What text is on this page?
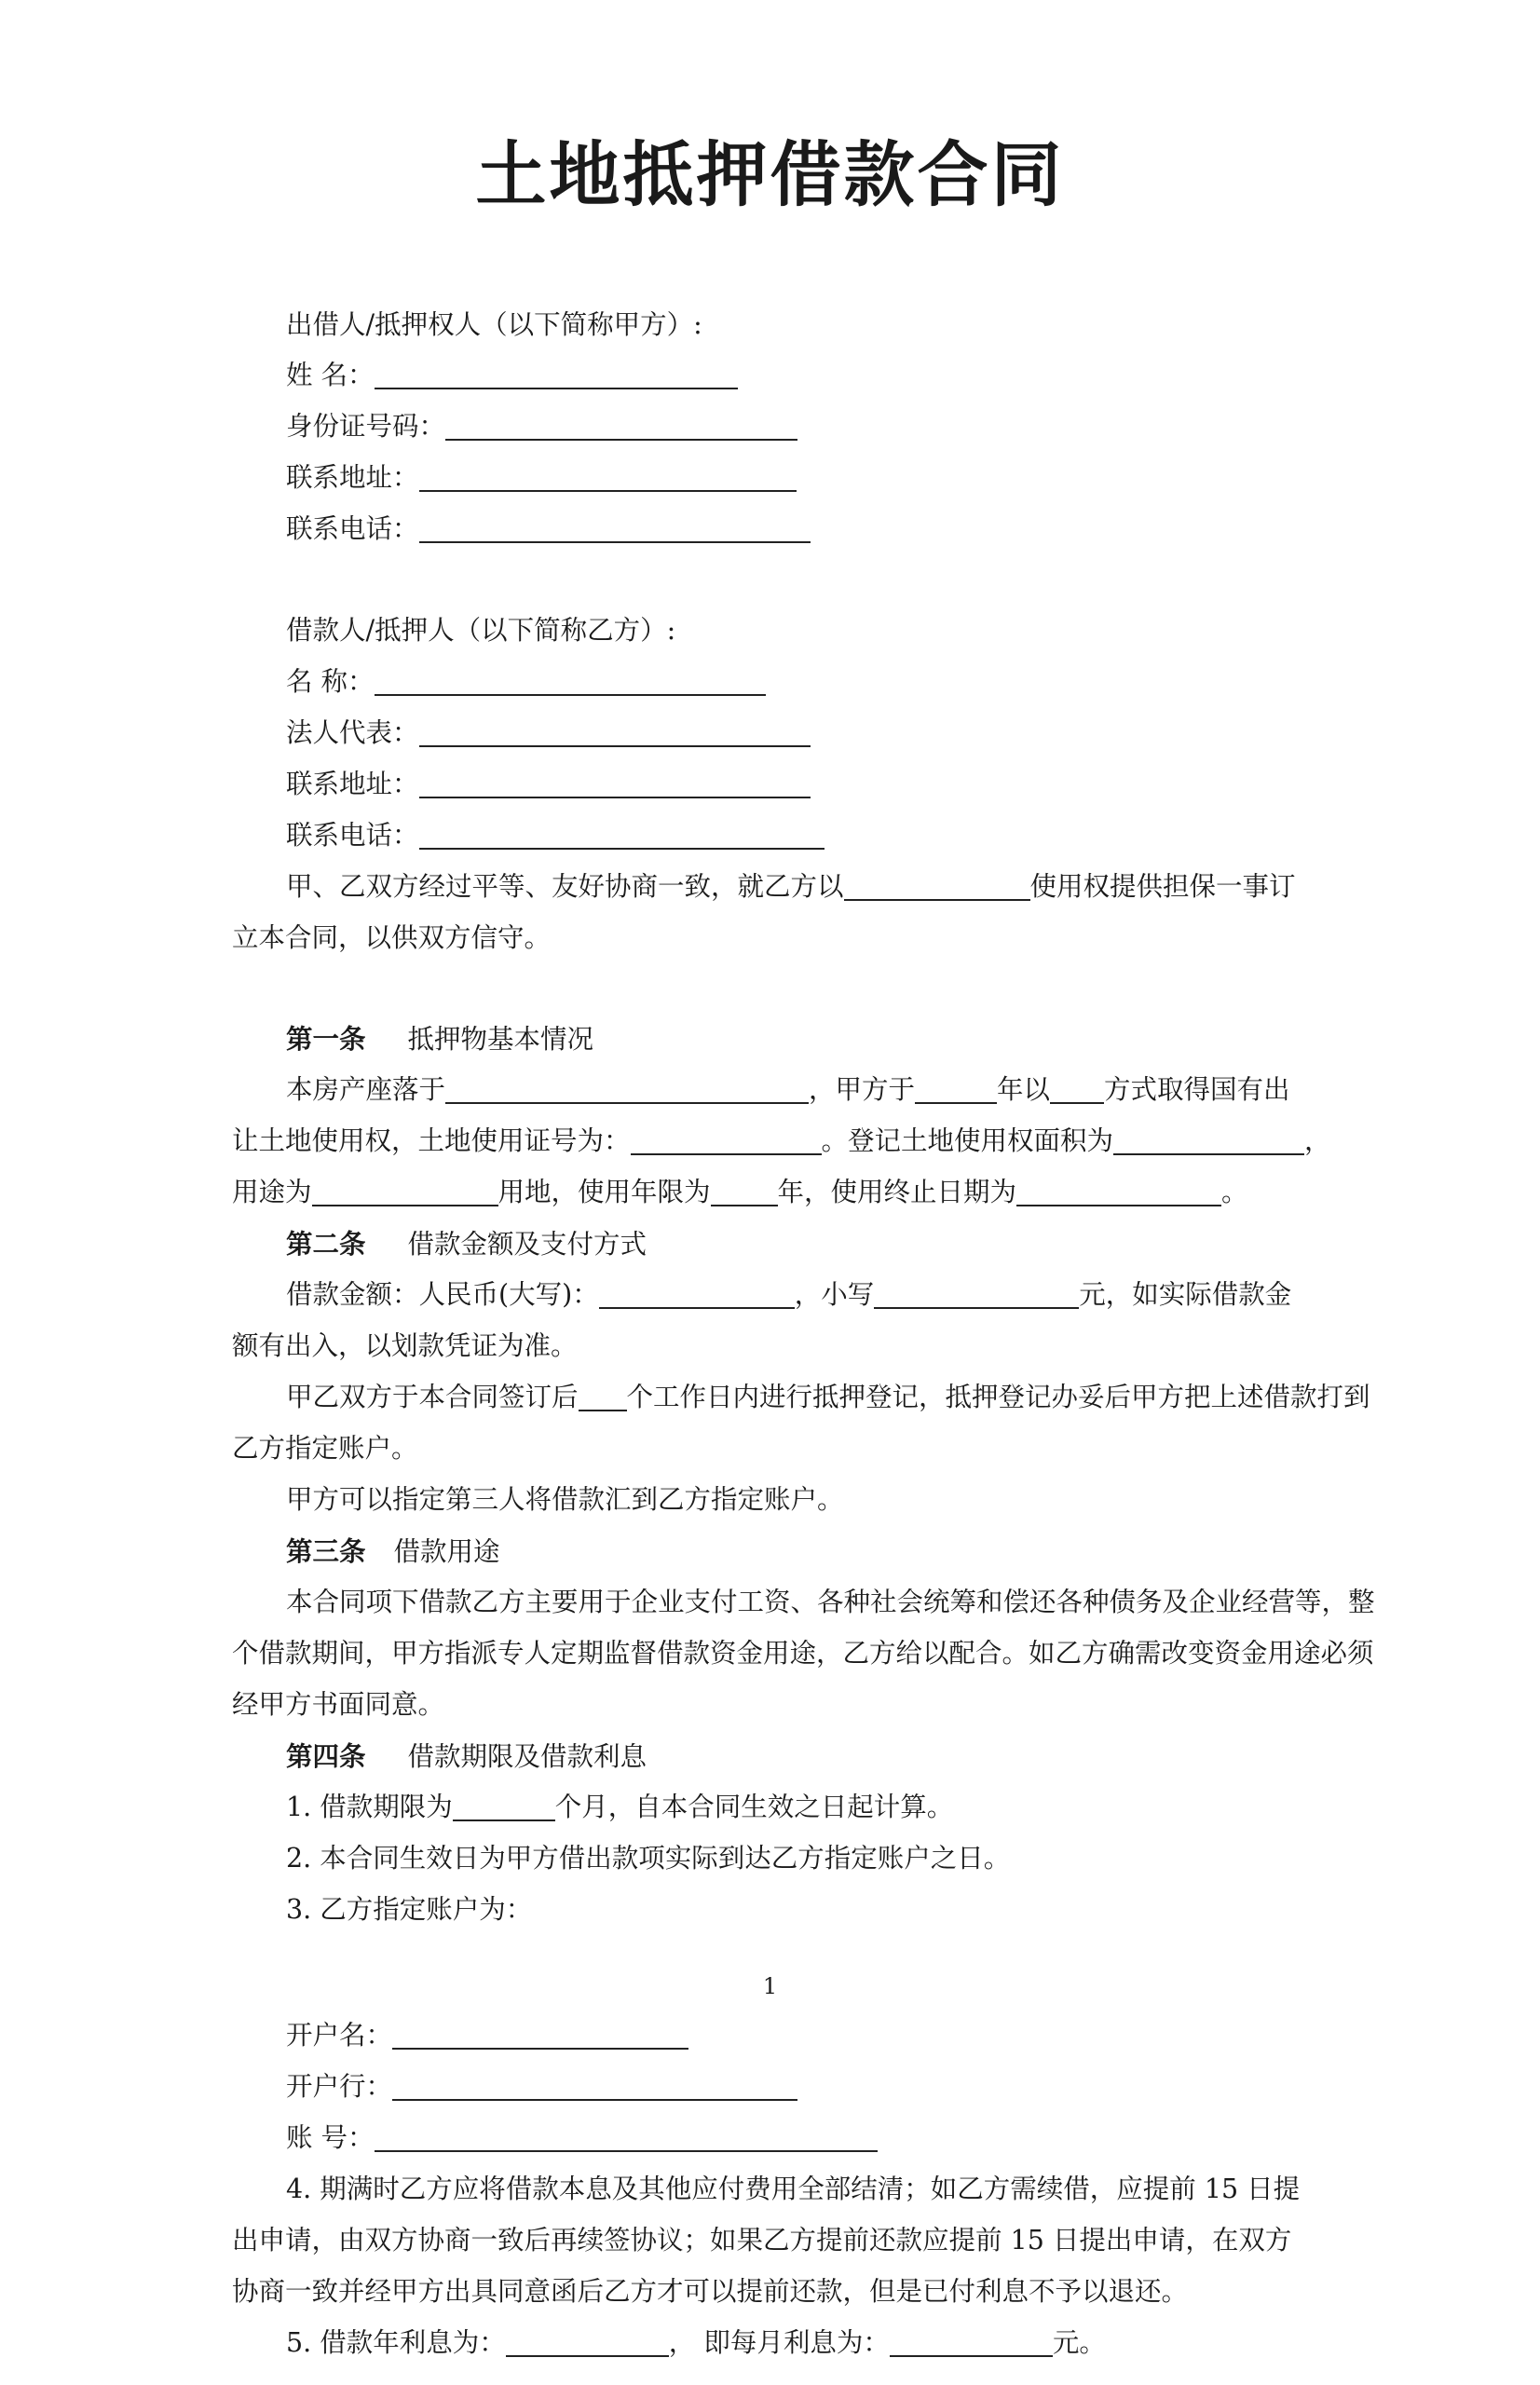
土地抵押借款合同
出借人/抵押权人（以下简称甲方）:
姓 名：
身份证号码：
联系地址：
联系电话：
借款人/抵押人（以下简称乙方）:
名 称：
法人代表：
联系地址：
联系电话：
甲、乙双方经过平等、友好协商一致，就乙方以	使用权提供担保一事订
立本合同，以供双方信守。
第一条 抵押物基本情况
本房产座落于	，甲方于	年以 方式取得国有出
让土地使用权，土地使用证号为：	。登记土地使用权面积为	，
用途为	用地，使用年限为	年，使用终止日期为	。
第二条 借款金额及支付方式
借款金额：人民币(大写)：	，小写	元，如实际借款金
额有出入，以划款凭证为准。
甲乙双方于本合同签订后 个工作日内进行抵押登记，抵押登记办妥后甲方把上述借款打到
乙方指定账户。
甲方可以指定第三人将借款汇到乙方指定账户。
第三条 借款用途
本合同项下借款乙方主要用于企业支付工资、各种社会统筹和偿还各种债务及企业经营等，整
个借款期间，甲方指派专人定期监督借款资金用途，乙方给以配合。如乙方确需改变资金用途必须
经甲方书面同意。
第四条 借款期限及借款利息
1. 借款期限为	个月，自本合同生效之日起计算。
2. 本合同生效日为甲方借出款项实际到达乙方指定账户之日。
3. 乙方指定账户为：
1
开户名：
开户行：
账 号：
4. 期满时乙方应将借款本息及其他应付费用全部结清；如乙方需续借，应提前 15 日提
出申请，由双方协商一致后再续签协议；如果乙方提前还款应提前 15 日提出申请，在双方
协商一致并经甲方出具同意函后乙方才可以提前还款，但是已付利息不予以退还。
5. 借款年利息为：	， 即每月利息为：	元。
